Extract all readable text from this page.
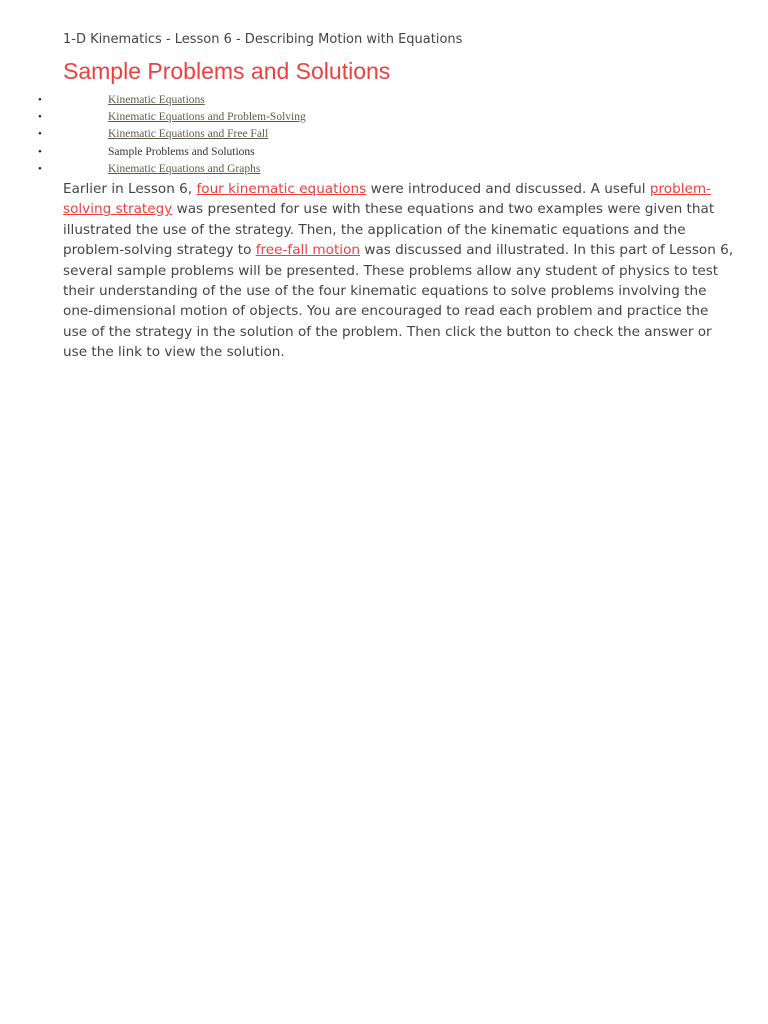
1-D Kinematics - Lesson 6 - Describing Motion with Equations

Sample Problems and Solutions
•	Kinematic Equations
•	Kinematic Equations and Problem-Solving
•	Kinematic Equations and Free Fall
•	Sample Problems and Solutions
•	Kinematic Equations and Graphs

Earlier in Lesson 6, four kinematic equations were introduced and discussed. A useful problem-solving strategy was presented for use with these equations and two examples were given that illustrated the use of the strategy. Then, the application of the kinematic equations and the problem-solving strategy to free-fall motion was discussed and illustrated. In this part of Lesson 6, several sample problems will be presented. These problems allow any student of physics to test their understanding of the use of the four kinematic equations to solve problems involving the one-dimensional motion of objects. You are encouraged to read each problem and practice the use of the strategy in the solution of the problem. Then click the button to check the answer or use the link to view the solution.
